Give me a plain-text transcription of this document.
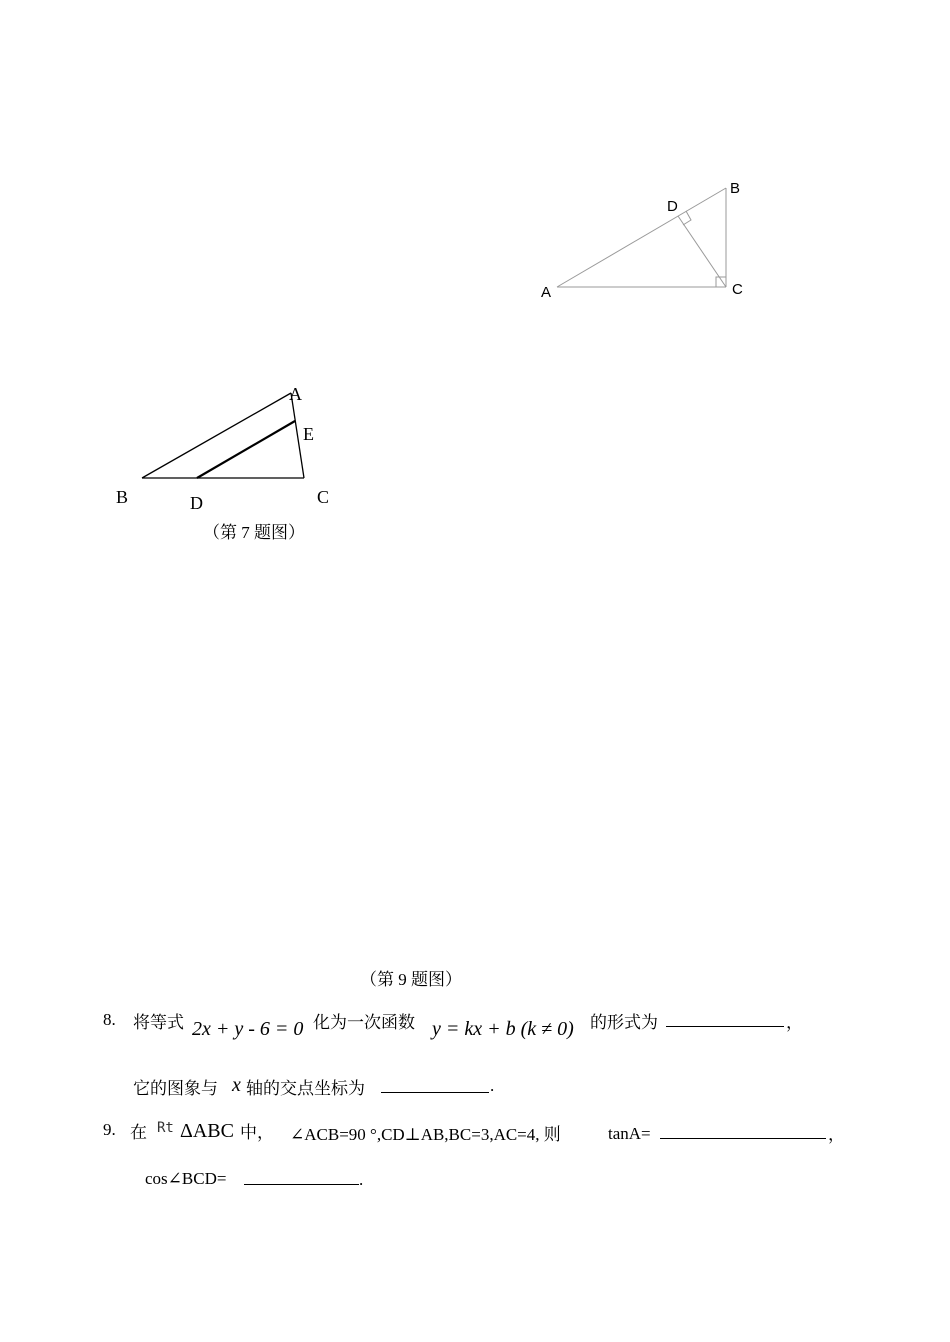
A
B
C
D
A
E
B	D	C
（第 7 题图）
（第 9 题图）
8. 将等式 2x + y - 6 = 0 化为一次函数 y = kx + b (k ≠ 0) 的形式为	，
它的图象与 x 轴的交点坐标为	.
9. 在 Rt ΔABC 中， ∠ACB=90 °,CD⊥AB,BC=3,AC=4, 则	tanA=	，
cos∠BCD=	.
